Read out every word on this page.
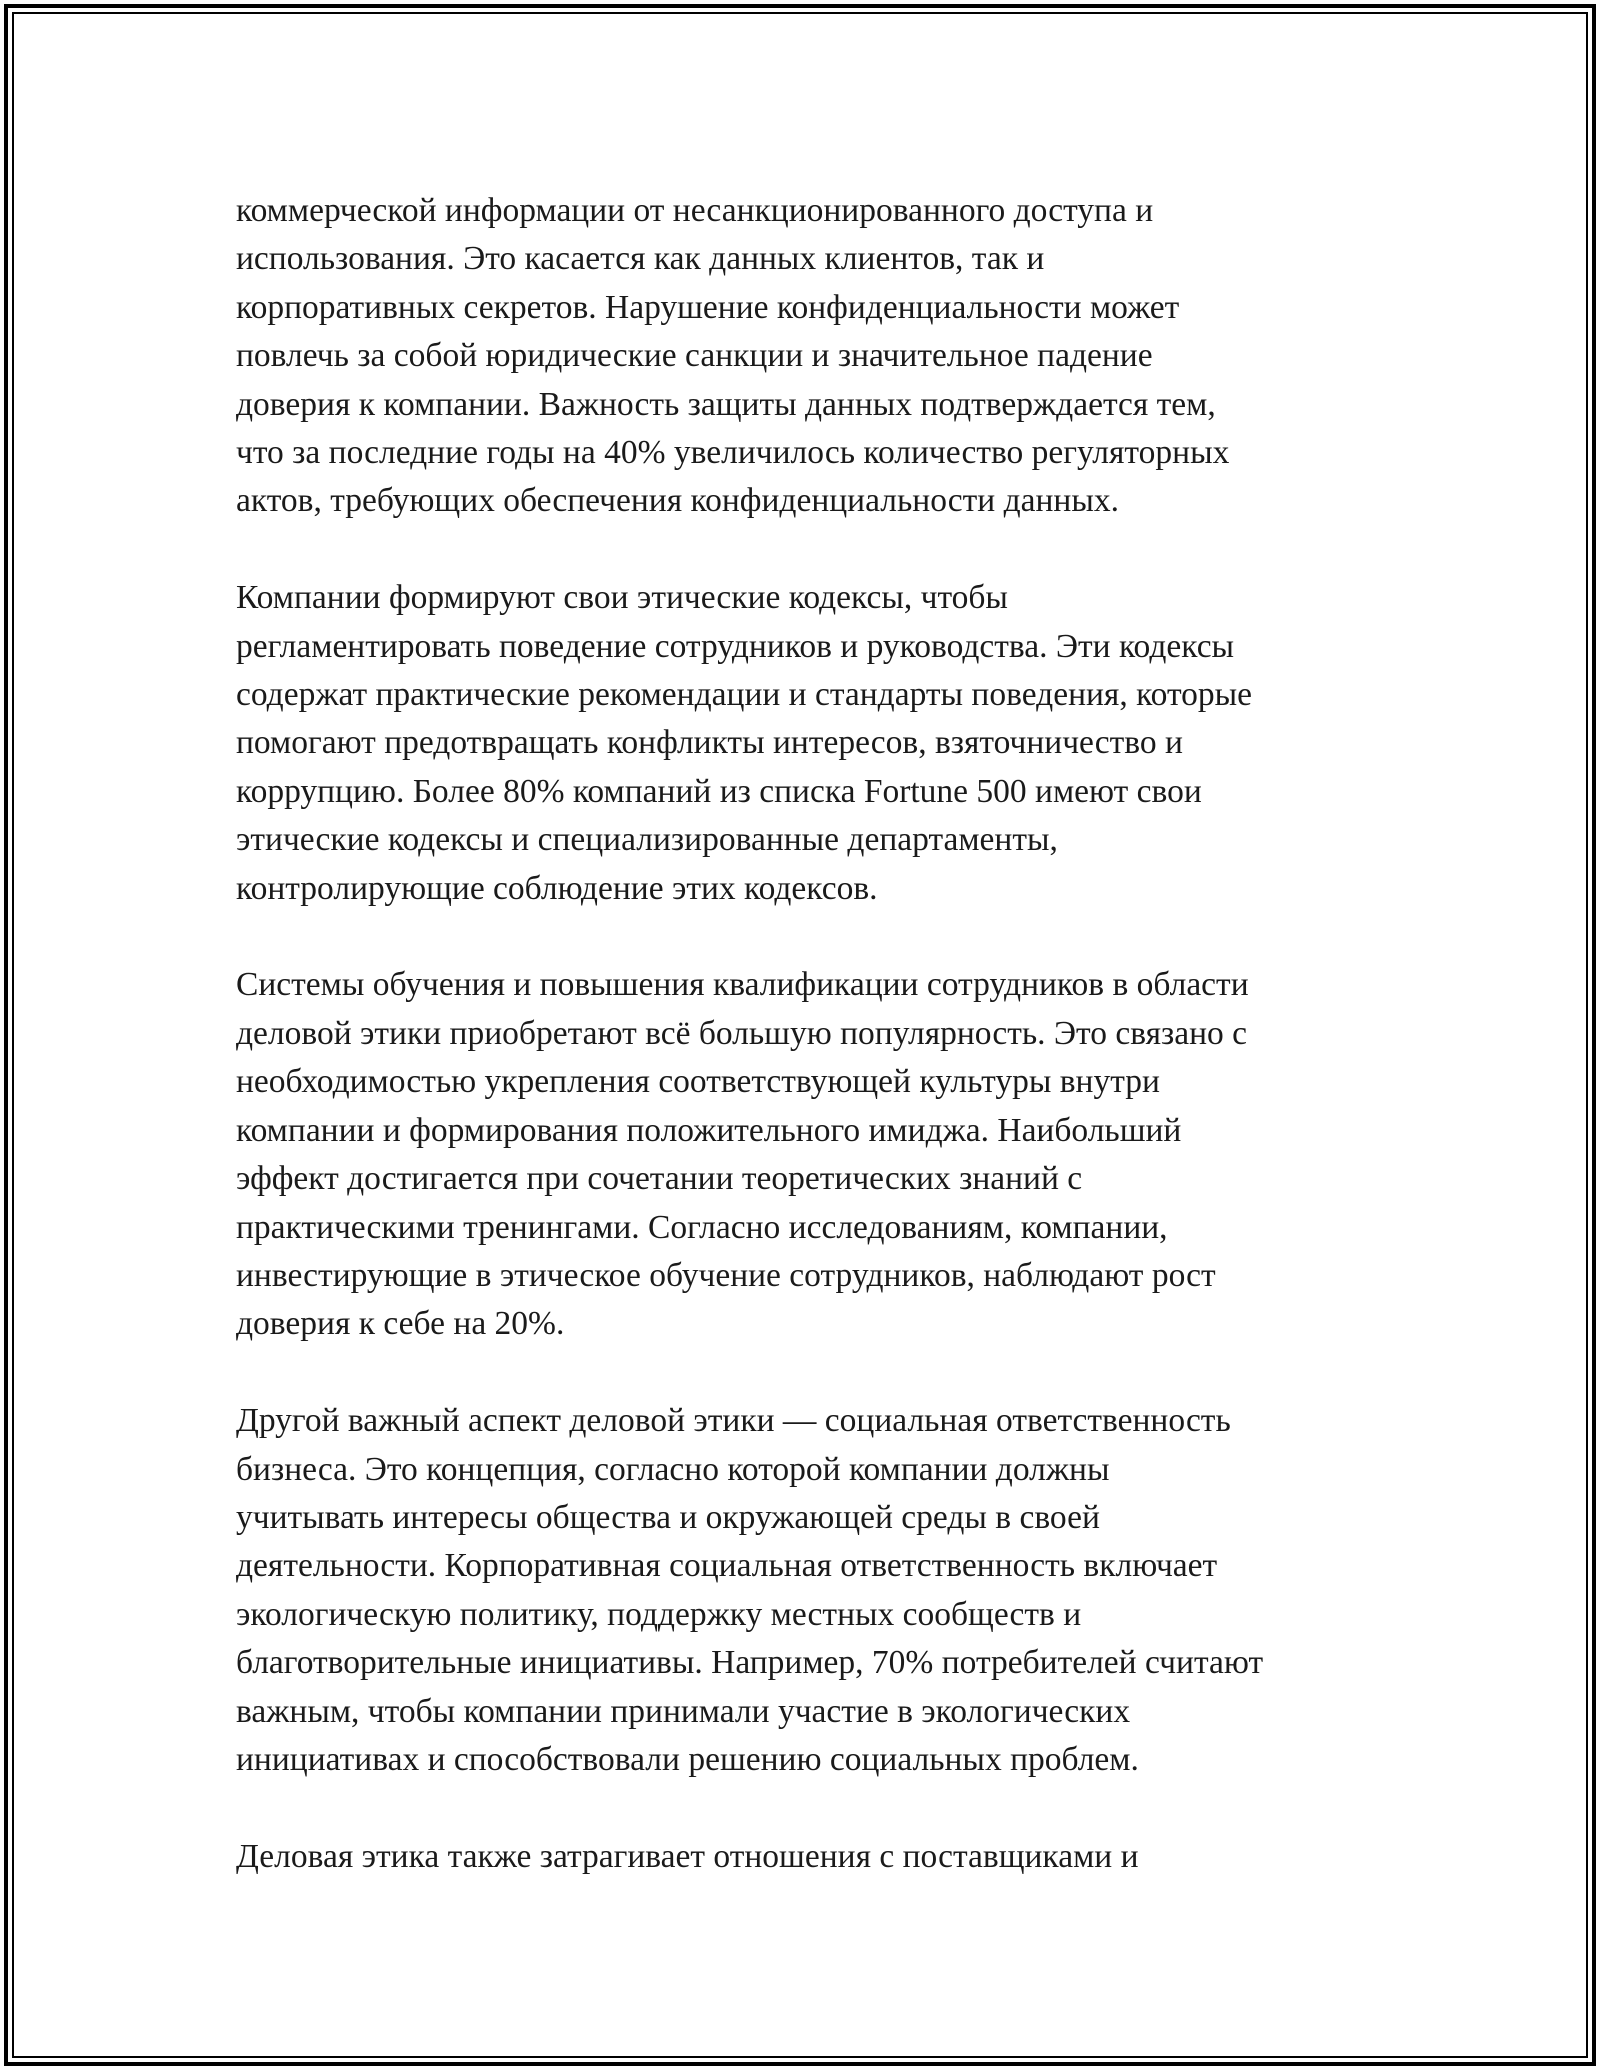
коммерческой информации от несанкционированного доступа и
использования. Это касается как данных клиентов, так и
корпоративных секретов. Нарушение конфиденциальности может
повлечь за собой юридические санкции и значительное падение
доверия к компании. Важность защиты данных подтверждается тем,
что за последние годы на 40% увеличилось количество регуляторных
актов, требующих обеспечения конфиденциальности данных.

Компании формируют свои этические кодексы, чтобы
регламентировать поведение сотрудников и руководства. Эти кодексы
содержат практические рекомендации и стандарты поведения, которые
помогают предотвращать конфликты интересов, взяточничество и
коррупцию. Более 80% компаний из списка Fortune 500 имеют свои
этические кодексы и специализированные департаменты,
контролирующие соблюдение этих кодексов.

Системы обучения и повышения квалификации сотрудников в области
деловой этики приобретают всё большую популярность. Это связано с
необходимостью укрепления соответствующей культуры внутри
компании и формирования положительного имиджа. Наибольший
эффект достигается при сочетании теоретических знаний с
практическими тренингами. Согласно исследованиям, компании,
инвестирующие в этическое обучение сотрудников, наблюдают рост
доверия к себе на 20%.

Другой важный аспект деловой этики — социальная ответственность
бизнеса. Это концепция, согласно которой компании должны
учитывать интересы общества и окружающей среды в своей
деятельности. Корпоративная социальная ответственность включает
экологическую политику, поддержку местных сообществ и
благотворительные инициативы. Например, 70% потребителей считают
важным, чтобы компании принимали участие в экологических
инициативах и способствовали решению социальных проблем.

Деловая этика также затрагивает отношения с поставщиками и
